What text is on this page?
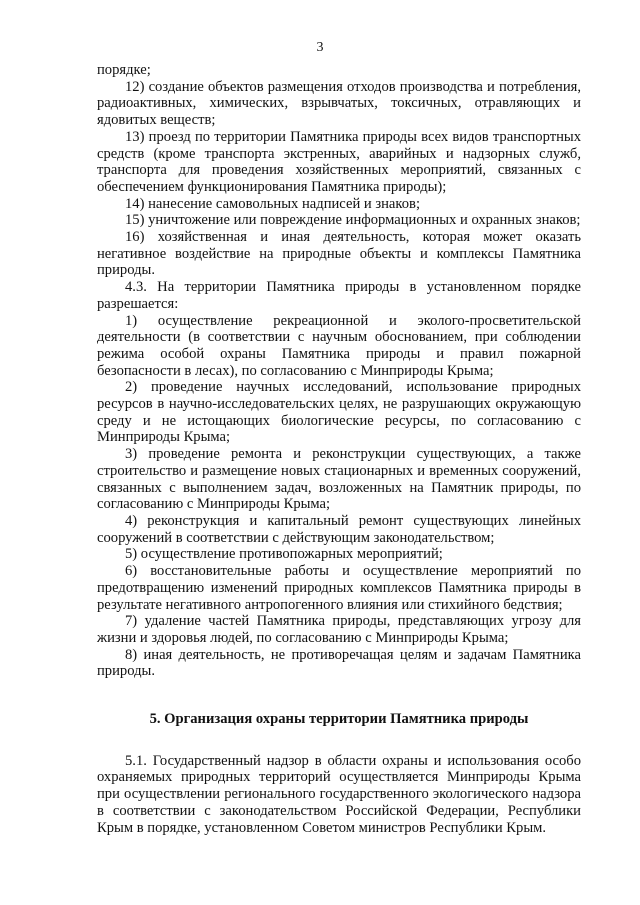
3
порядке;
12) создание объектов размещения отходов производства и потребления, радиоактивных, химических, взрывчатых, токсичных, отравляющих и ядовитых веществ;
13) проезд по территории Памятника природы всех видов транспортных средств (кроме транспорта экстренных, аварийных и надзорных служб, транспорта для проведения хозяйственных мероприятий, связанных с обеспечением функционирования Памятника природы);
14) нанесение самовольных надписей и знаков;
15) уничтожение или повреждение информационных и охранных знаков;
16) хозяйственная и иная деятельность, которая может оказать негативное воздействие на природные объекты и комплексы Памятника природы.
4.3. На территории Памятника природы в установленном порядке разрешается:
1) осуществление рекреационной и эколого-просветительской деятельности (в соответствии с научным обоснованием, при соблюдении режима особой охраны Памятника природы и правил пожарной безопасности в лесах), по согласованию с Минприроды Крыма;
2) проведение научных исследований, использование природных ресурсов в научно-исследовательских целях, не разрушающих окружающую среду и не истощающих биологические ресурсы, по согласованию с Минприроды Крыма;
3) проведение ремонта и реконструкции существующих, а также строительство и размещение новых стационарных и временных сооружений, связанных с выполнением задач, возложенных на Памятник природы, по согласованию с Минприроды Крыма;
4) реконструкция и капитальный ремонт существующих линейных сооружений в соответствии с действующим законодательством;
5) осуществление противопожарных мероприятий;
6) восстановительные работы и осуществление мероприятий по предотвращению изменений природных комплексов Памятника природы в результате негативного антропогенного влияния или стихийного бедствия;
7) удаление частей Памятника природы, представляющих угрозу для жизни и здоровья людей, по согласованию с Минприроды Крыма;
8) иная деятельность, не противоречащая целям и задачам Памятника природы.
5. Организация охраны территории Памятника природы
5.1. Государственный надзор в области охраны и использования особо охраняемых природных территорий осуществляется Минприроды Крыма при осуществлении регионального государственного экологического надзора в соответствии с законодательством Российской Федерации, Республики Крым в порядке, установленном Советом министров Республики Крым.
